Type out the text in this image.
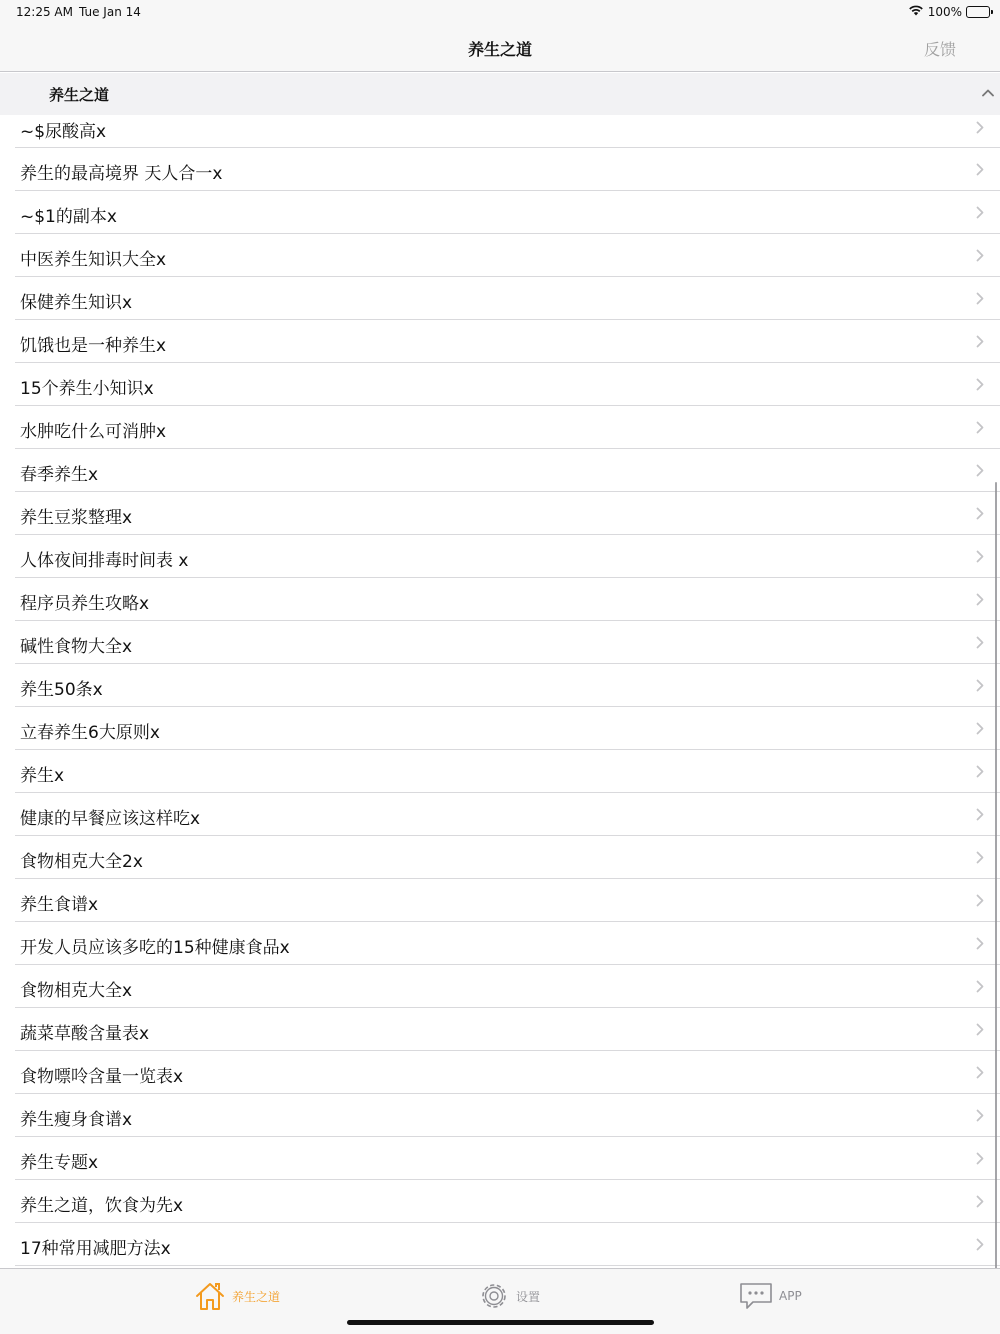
12:25 AM Tue Jan 14	100%
养生之道	反馈
~$尿酸高x
养生的最高境界 天人合一x
~$1的副本x
中医养生知识大全x
保健养生知识x
饥饿也是一种养生x
15个养生小知识x
水肿吃什么可消肿x
春季养生x
养生豆浆整理x
人体夜间排毒时间表 x
程序员养生攻略x
碱性食物大全x
养生50条x
立春养生6大原则x
养生x
健康的早餐应该这样吃x
食物相克大全2x
养生食谱x
开发人员应该多吃的15种健康食品x
食物相克大全x
蔬菜草酸含量表x
食物嘌呤含量一览表x
养生瘦身食谱x
养生专题x
养生之道，饮食为先x
17种常用减肥方法x
养生之道
养生之道	设置	APP
